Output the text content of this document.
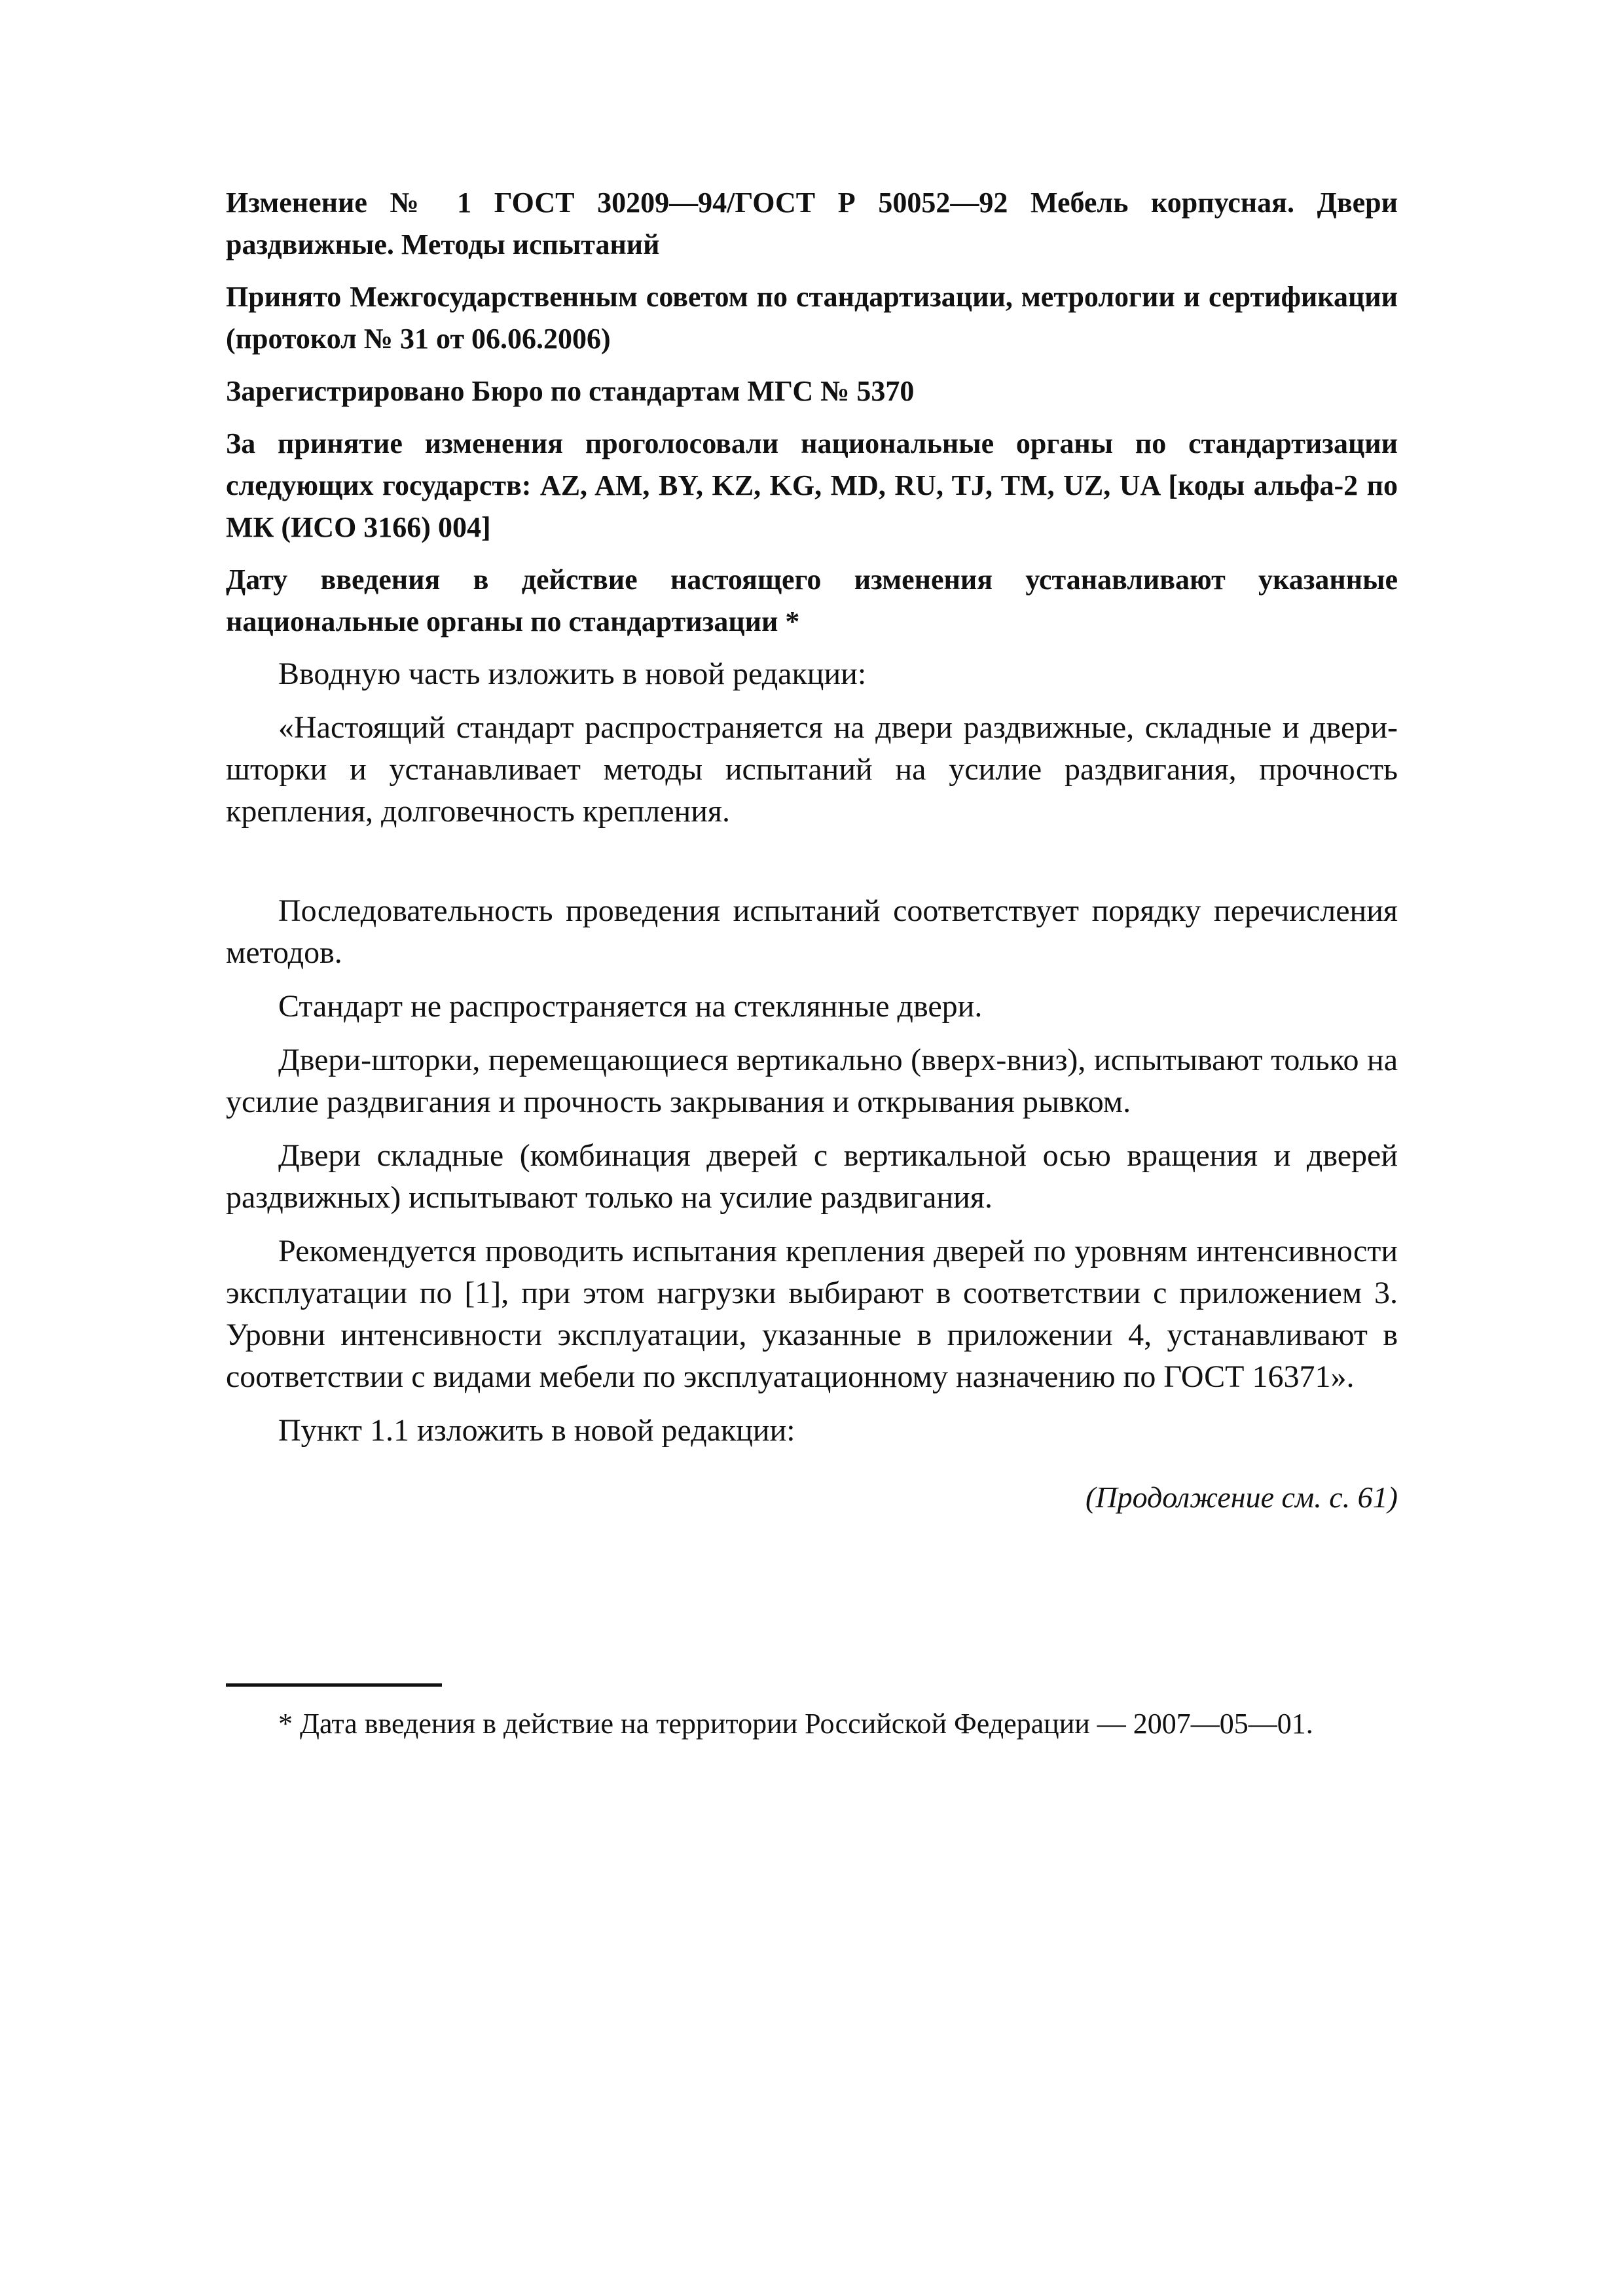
Изменение № 1 ГОСТ 30209—94/ГОСТ Р 50052—92 Мебель корпусная. Двери раздвижные. Методы испытаний

Принято Межгосударственным советом по стандартизации, метрологии и сертификации (протокол № 31 от 06.06.2006)

Зарегистрировано Бюро по стандартам МГС № 5370

За принятие изменения проголосовали национальные органы по стандартизации следующих государств: AZ, AM, BY, KZ, KG, MD, RU, TJ, TM, UZ, UA [коды альфа-2 по МК (ИСО 3166) 004]

Дату введения в действие настоящего изменения устанавливают указанные национальные органы по стандартизации *

Вводную часть изложить в новой редакции:

«Настоящий стандарт распространяется на двери раздвижные, складные и двери-шторки и устанавливает методы испытаний на усилие раздвигания, прочность крепления, долговечность крепления.

Последовательность проведения испытаний соответствует порядку перечисления методов.

Стандарт не распространяется на стеклянные двери.

Двери-шторки, перемещающиеся вертикально (вверх-вниз), испытывают только на усилие раздвигания и прочность закрывания и открывания рывком.

Двери складные (комбинация дверей с вертикальной осью вращения и дверей раздвижных) испытывают только на усилие раздвигания.

Рекомендуется проводить испытания крепления дверей по уровням интенсивности эксплуатации по [1], при этом нагрузки выбирают в соответствии с приложением 3. Уровни интенсивности эксплуатации, указанные в приложении 4, устанавливают в соответствии с видами мебели по эксплуатационному назначению по ГОСТ 16371».

Пункт 1.1 изложить в новой редакции:

(Продолжение см. с. 61)
* Дата введения в действие на территории Российской Федерации — 2007—05—01.
